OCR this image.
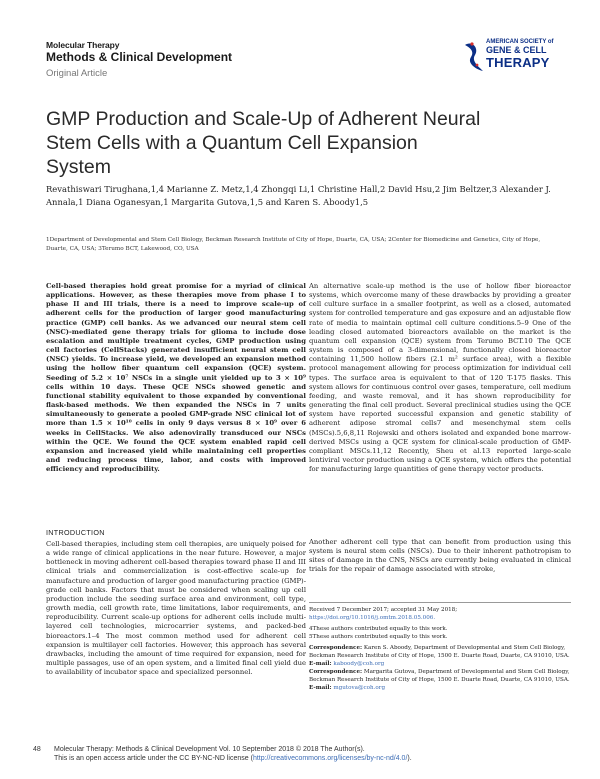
Molecular Therapy
Methods & Clinical Development
Original Article
AMERICAN SOCIETY of
GENE & CELL
THERAPY
GMP Production and Scale-Up of Adherent Neural Stem Cells with a Quantum Cell Expansion System
Revathiswari Tirughana,1,4 Marianne Z. Metz,1,4 Zhongqi Li,1 Christine Hall,2 David Hsu,2 Jim Beltzer,3 Alexander J. Annala,1 Diana Oganesyan,1 Margarita Gutova,1,5 and Karen S. Aboody1,5
1Department of Developmental and Stem Cell Biology, Beckman Research Institute of City of Hope, Duarte, CA, USA; 2Center for Biomedicine and Genetics, City of Hope, Duarte, CA, USA; 3Terumo BCT, Lakewood, CO, USA
Cell-based therapies hold great promise for a myriad of clinical applications. However, as these therapies move from phase I to phase II and III trials, there is a need to improve scale-up of adherent cells for the production of larger good manufacturing practice (GMP) cell banks. As we advanced our neural stem cell (NSC)-mediated gene therapy trials for glioma to include dose escalation and multiple treatment cycles, GMP production using cell factories (CellStacks) generated insufficient neural stem cell (NSC) yields. To increase yield, we developed an expansion method using the hollow fiber quantum cell expansion (QCE) system. Seeding of 5.2 × 10⁷ NSCs in a single unit yielded up to 3 × 10⁹ cells within 10 days. These QCE NSCs showed genetic and functional stability equivalent to those expanded by conventional flask-based methods. We then expanded the NSCs in 7 units simultaneously to generate a pooled GMP-grade NSC clinical lot of more than 1.5 × 10¹⁰ cells in only 9 days versus 8 × 10⁹ over 6 weeks in CellStacks. We also adenovirally transduced our NSCs within the QCE. We found the QCE system enabled rapid cell expansion and increased yield while maintaining cell properties and reducing process time, labor, and costs with improved efficiency and reproducibility.
INTRODUCTION
Cell-based therapies, including stem cell therapies, are uniquely poised for a wide range of clinical applications in the near future. However, a major bottleneck in moving adherent cell-based therapies toward phase II and III clinical trials and commercialization is cost-effective scale-up for manufacture and production of larger good manufacturing practice (GMP)-grade cell banks. Factors that must be considered when scaling up cell production include the seeding surface area and environment, cell type, growth media, cell growth rate, time limitations, labor requirements, and reproducibility. Current scale-up options for adherent cells include multi-layered cell technologies, microcarrier systems, and packed-bed bioreactors.1–4 The most common method used for adherent cell expansion is multilayer cell factories. However, this approach has several drawbacks, including the amount of time required for expansion, need for multiple passages, use of an open system, and a limited final cell yield due to availability of incubator space and specialized personnel.
An alternative scale-up method is the use of hollow fiber bioreactor systems, which overcome many of these drawbacks by providing a greater cell culture surface in a smaller footprint, as well as a closed, automated system for controlled temperature and gas exposure and an adjustable flow rate of media to maintain optimal cell culture conditions.5–9 One of the leading closed automated bioreactors available on the market is the quantum cell expansion (QCE) system from Terumo BCT.10 The QCE system is composed of a 3-dimensional, functionally closed bioreactor containing 11,500 hollow fibers (2.1 m² surface area), with a flexible protocol management allowing for process optimization for individual cell types. The surface area is equivalent to that of 120 T-175 flasks. This system allows for continuous control over gases, temperature, cell medium feeding, and waste removal, and it has shown reproducibility for generating the final cell product. Several preclinical studies using the QCE system have reported successful expansion and genetic stability of adherent adipose stromal cells7 and mesenchymal stem cells (MSCs).5,6,8,11 Rojewski and others isolated and expanded bone marrow-derived MSCs using a QCE system for clinical-scale production of GMP-compliant MSCs.11,12 Recently, Sheu et al.13 reported large-scale lentiviral vector production using a QCE system, which offers the potential for manufacturing large quantities of gene therapy vector products.
Another adherent cell type that can benefit from production using this system is neural stem cells (NSCs). Due to their inherent pathotropism to sites of damage in the CNS, NSCs are currently being evaluated in clinical trials for the repair of damage associated with stroke,
Received 7 December 2017; accepted 31 May 2018;
https://doi.org/10.1016/j.omtm.2018.05.006.
4These authors contributed equally to this work.
5These authors contributed equally to this work.
Correspondence: Karen S. Aboody, Department of Developmental and Stem Cell Biology, Beckman Research Institute of City of Hope, 1500 E. Duarte Road, Duarte, CA 91010, USA.
E-mail: kaboody@coh.org
Correspondence: Margarita Gutova, Department of Developmental and Stem Cell Biology, Beckman Research Institute of City of Hope, 1500 E. Duarte Road, Duarte, CA 91010, USA.
E-mail: mgutova@coh.org
48 Molecular Therapy: Methods & Clinical Development Vol. 10 September 2018 © 2018 The Author(s).
This is an open access article under the CC BY-NC-ND license (http://creativecommons.org/licenses/by-nc-nd/4.0/).
